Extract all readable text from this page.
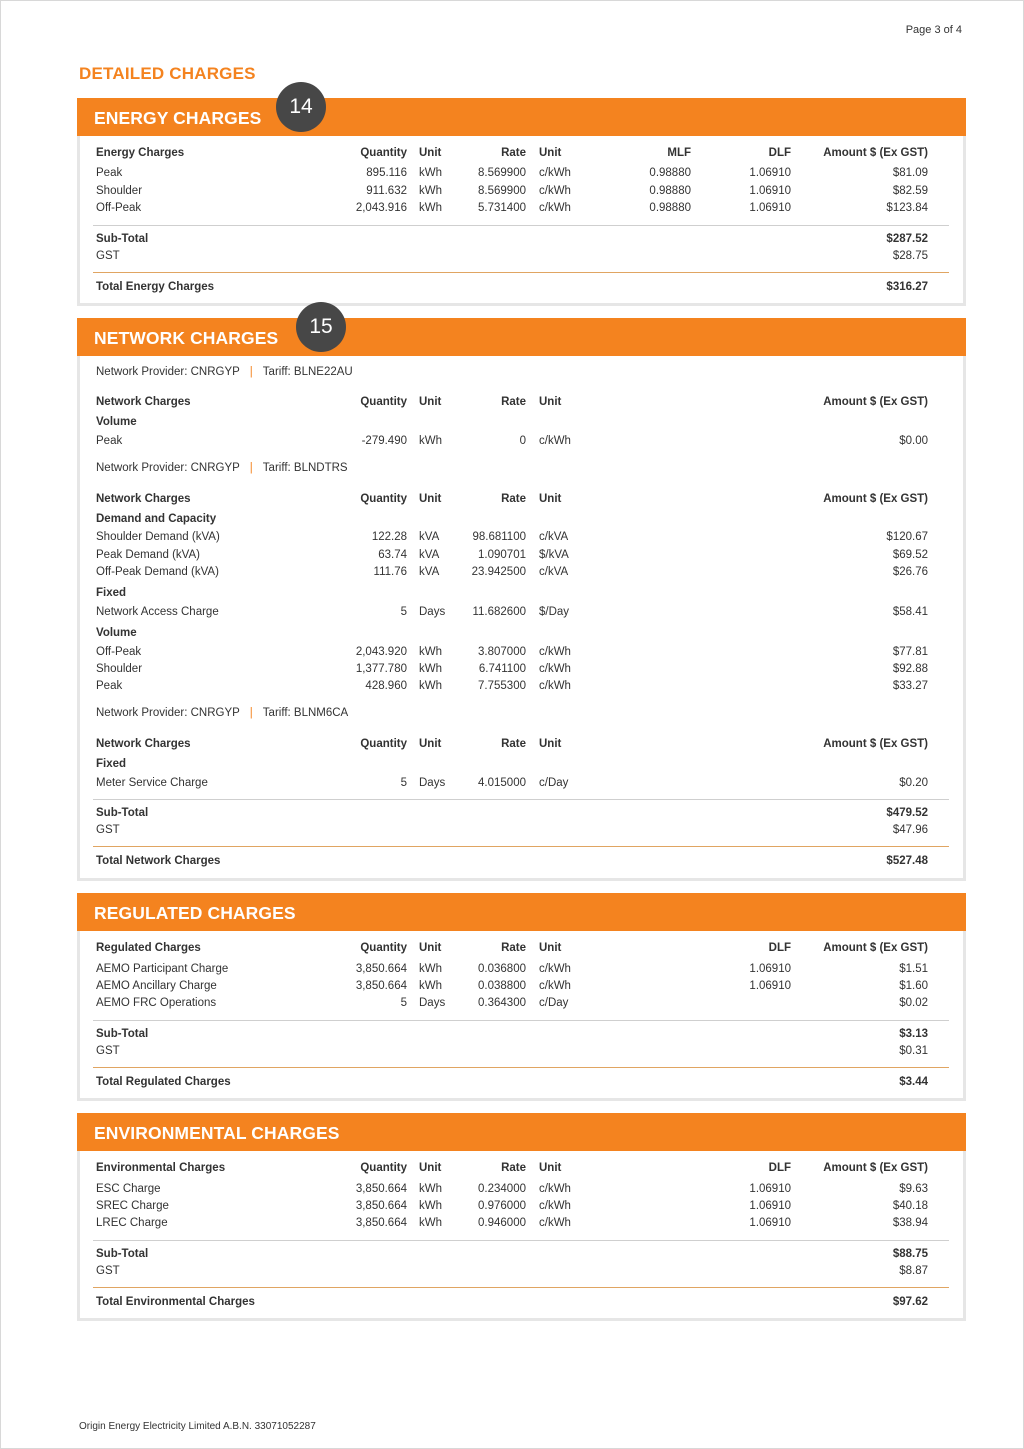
Page 3 of 4
DETAILED CHARGES
ENERGY CHARGES	14
Energy Charges	Quantity Unit	Rate Unit	MLF	DLF	Amount $ (Ex GST)
Peak	895.116 kWh	8.569900 c/kWh	0.98880	1.06910	$81.09
Shoulder	911.632 kWh	8.569900 c/kWh	0.98880	1.06910	$82.59
Off-Peak	2,043.916 kWh	5.731400 c/kWh	0.98880	1.06910	$123.84
Sub-Total	$287.52
GST	$28.75
Total Energy Charges	$316.27
NETWORK CHARGES	15
Network Provider: CNRGYP | Tariff: BLNE22AU
Network Charges	Quantity Unit	Rate Unit	Amount $ (Ex GST)
Volume
Peak	-279.490 kWh	0 c/kWh	$0.00
Network Provider: CNRGYP | Tariff: BLNDTRS
Network Charges	Quantity Unit	Rate Unit	Amount $ (Ex GST)
Demand and Capacity
Shoulder Demand (kVA)	122.28 kVA	98.681100 c/kVA	$120.67
Peak Demand (kVA)	63.74 kVA	1.090701 $/kVA	$69.52
Off-Peak Demand (kVA)	111.76 kVA	23.942500 c/kVA	$26.76
Fixed
Network Access Charge	5 Days 11.682600 $/Day	$58.41
Volume
Off-Peak	2,043.920 kWh	3.807000 c/kWh	$77.81
Shoulder	1,377.780 kWh	6.741100 c/kWh	$92.88
Peak	428.960 kWh	7.755300 c/kWh	$33.27
Network Provider: CNRGYP | Tariff: BLNM6CA
Network Charges	Quantity Unit	Rate Unit	Amount $ (Ex GST)
Fixed
Meter Service Charge	5 Days	4.015000 c/Day	$0.20
Sub-Total	$479.52
GST	$47.96
Total Network Charges	$527.48
REGULATED CHARGES
Regulated Charges	Quantity Unit	Rate Unit	DLF	Amount $ (Ex GST)
AEMO Participant Charge	3,850.664 kWh	0.036800 c/kWh	1.06910	$1.51
AEMO Ancillary Charge	3,850.664 kWh	0.038800 c/kWh	1.06910	$1.60
AEMO FRC Operations	5 Days	0.364300 c/Day	$0.02
Sub-Total	$3.13
GST	$0.31
Total Regulated Charges	$3.44
ENVIRONMENTAL CHARGES
Environmental Charges	Quantity Unit	Rate Unit	DLF	Amount $ (Ex GST)
ESC Charge	3,850.664 kWh	0.234000 c/kWh	1.06910	$9.63
SREC Charge	3,850.664 kWh	0.976000 c/kWh	1.06910	$40.18
LREC Charge	3,850.664 kWh	0.946000 c/kWh	1.06910	$38.94
Sub-Total	$88.75
GST	$8.87
Total Environmental Charges	$97.62
Origin Energy Electricity Limited A.B.N. 33071052287
